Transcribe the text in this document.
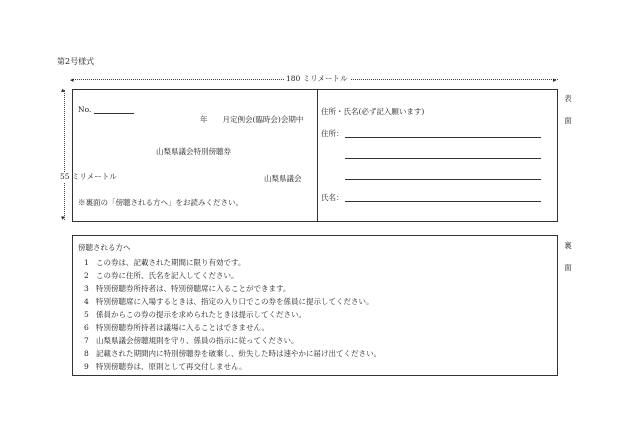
第2号様式
◂	▸
180 ミリメートル
▴
▾
55 ミリメートル
No.
年　　月定例会(臨時会)会期中
山梨県議会特別傍聴券
山梨県議会
※裏面の「傍聴される方へ」をお読みください。
住所・氏名(必ず記入願います)
住所：
氏名：
表面
裏面
傍聴される方へ
1 この券は、記載された期間に限り有効です。
2 この券に住所、氏名を記入してください。
3 特別傍聴券所持者は、特別傍聴席に入ることができます。
4 特別傍聴席に入場するときは、指定の入り口でこの券を係員に提示してください。
5 係員からこの券の提示を求められたときは提示してください。
6 特別傍聴券所持者は議場に入ることはできません。
7 山梨県議会傍聴規則を守り、係員の指示に従ってください。
8 記載された期間内に特別傍聴券を破棄し、紛失した時は速やかに届け出てください。
9 特別傍聴券は、原則として再交付しません。
